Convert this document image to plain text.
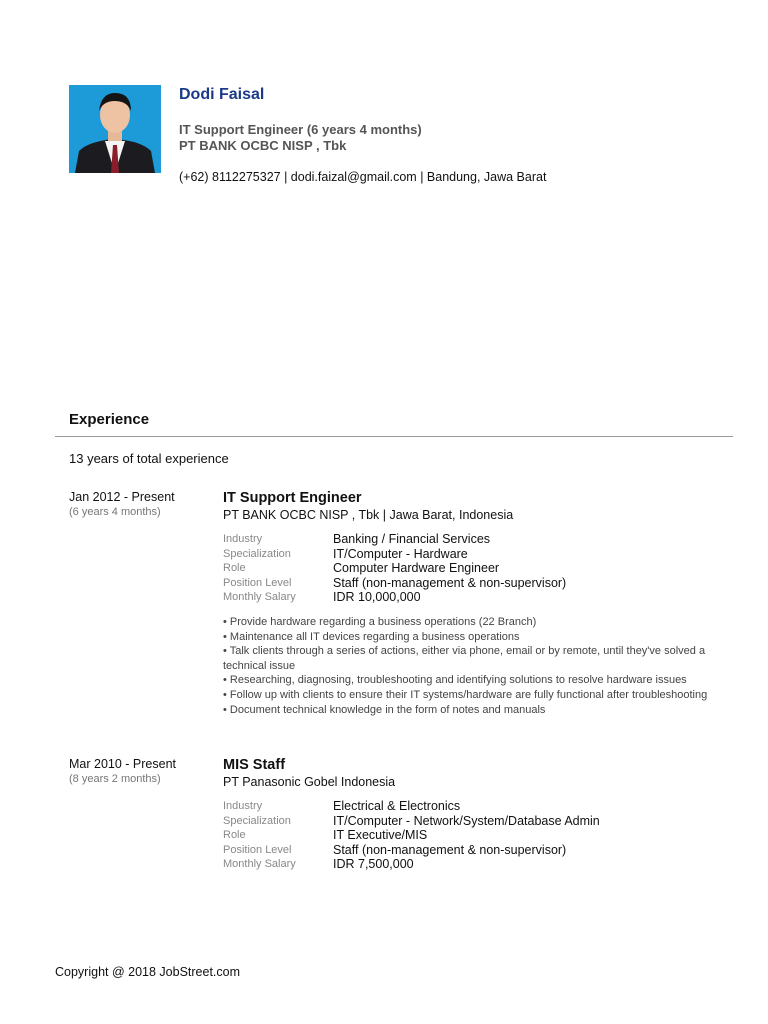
Dodi Faisal
IT Support Engineer (6 years 4 months)
PT BANK OCBC NISP , Tbk
(+62) 8112275327 | dodi.faizal@gmail.com | Bandung, Jawa Barat
Experience
13 years of total experience
Jan 2012 - Present
(6 years 4 months)
IT Support Engineer
PT BANK OCBC NISP , Tbk | Jawa Barat, Indonesia
Industry	Banking / Financial Services
Specialization	IT/Computer - Hardware
Role	Computer Hardware Engineer
Position Level	Staff (non-management & non-supervisor)
Monthly Salary	IDR 10,000,000
• Provide hardware regarding a business operations (22 Branch)
• Maintenance all IT devices regarding a business operations
• Talk clients through a series of actions, either via phone, email or by remote, until they've solved a technical issue
• Researching, diagnosing, troubleshooting and identifying solutions to resolve hardware issues
• Follow up with clients to ensure their IT systems/hardware are fully functional after troubleshooting
• Document technical knowledge in the form of notes and manuals
Mar 2010 - Present
(8 years 2 months)
MIS Staff
PT Panasonic Gobel Indonesia
Industry	Electrical & Electronics
Specialization	IT/Computer - Network/System/Database Admin
Role	IT Executive/MIS
Position Level	Staff (non-management & non-supervisor)
Monthly Salary	IDR 7,500,000
Copyright @ 2018 JobStreet.com
